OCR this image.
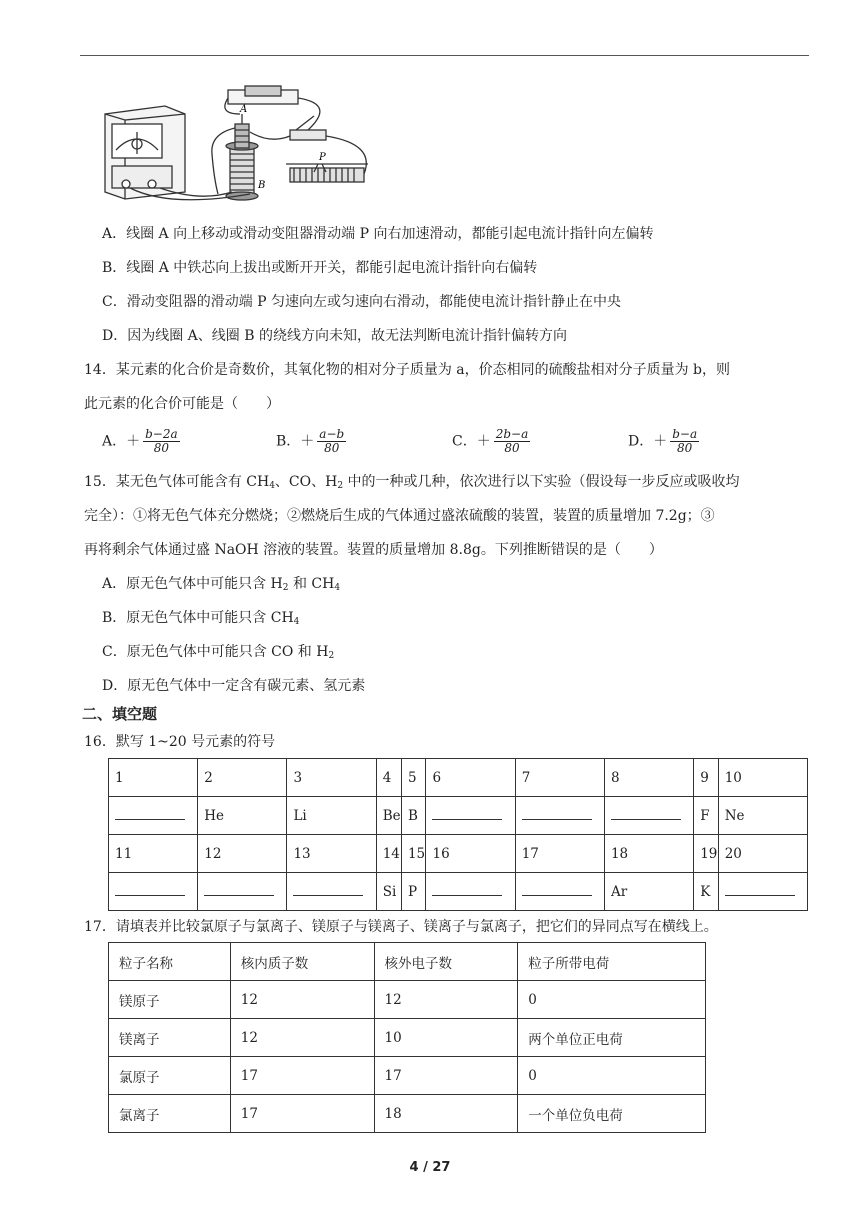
A
B
P
A．线圈 A 向上移动或滑动变阻器滑动端 P 向右加速滑动，都能引起电流计指针向左偏转
B．线圈 A 中铁芯向上拔出或断开开关，都能引起电流计指针向右偏转
C．滑动变阻器的滑动端 P 匀速向左或匀速向右滑动，都能使电流计指针静止在中央
D．因为线圈 A、线圈 B 的绕线方向未知，故无法判断电流计指针偏转方向
14．某元素的化合价是奇数价，其氧化物的相对分子质量为 a，价态相同的硫酸盐相对分子质量为 b，则
此元素的化合价可能是（　　）
A．＋ $\frac{b-2a}{80}$	B．＋ $\frac{a-b}{80}$	C．＋ $\frac{2b-a}{80}$	D．＋ $\frac{b-a}{80}$
15．某无色气体可能含有 $CH_4$、CO、$H_2$ 中的一种或几种，依次进行以下实验（假设每一步反应或吸收均
完全）：①将无色气体充分燃烧；②燃烧后生成的气体通过盛浓硫酸的装置，装置的质量增加 7.2g；③
再将剩余气体通过盛 NaOH 溶液的装置。装置的质量增加 8.8g。下列推断错误的是（　　）
A．原无色气体中可能只含 $H_2$ 和 $CH_4$
B．原无色气体中可能只含 $CH_4$
C．原无色气体中可能只含 CO 和 $H_2$
D．原无色气体中一定含有碳元素、氢元素
二、填空题
16．默写 1~20 号元素的符号
1	2	3	4	5	6	7	8	9	10
	He	Li	Be	B				F	Ne
11	12	13	14	15	16	17	18	19	20
			Si	P			Ar	K	
17．请填表并比较氯原子与氯离子、镁原子与镁离子、镁离子与氯离子，把它们的异同点写在横线上。
粒子名称	核内质子数	核外电子数	粒子所带电荷
镁原子	12	12	0
镁离子	12	10	两个单位正电荷
氯原子	17	17	0
氯离子	17	18	一个单位负电荷
4 / 27
